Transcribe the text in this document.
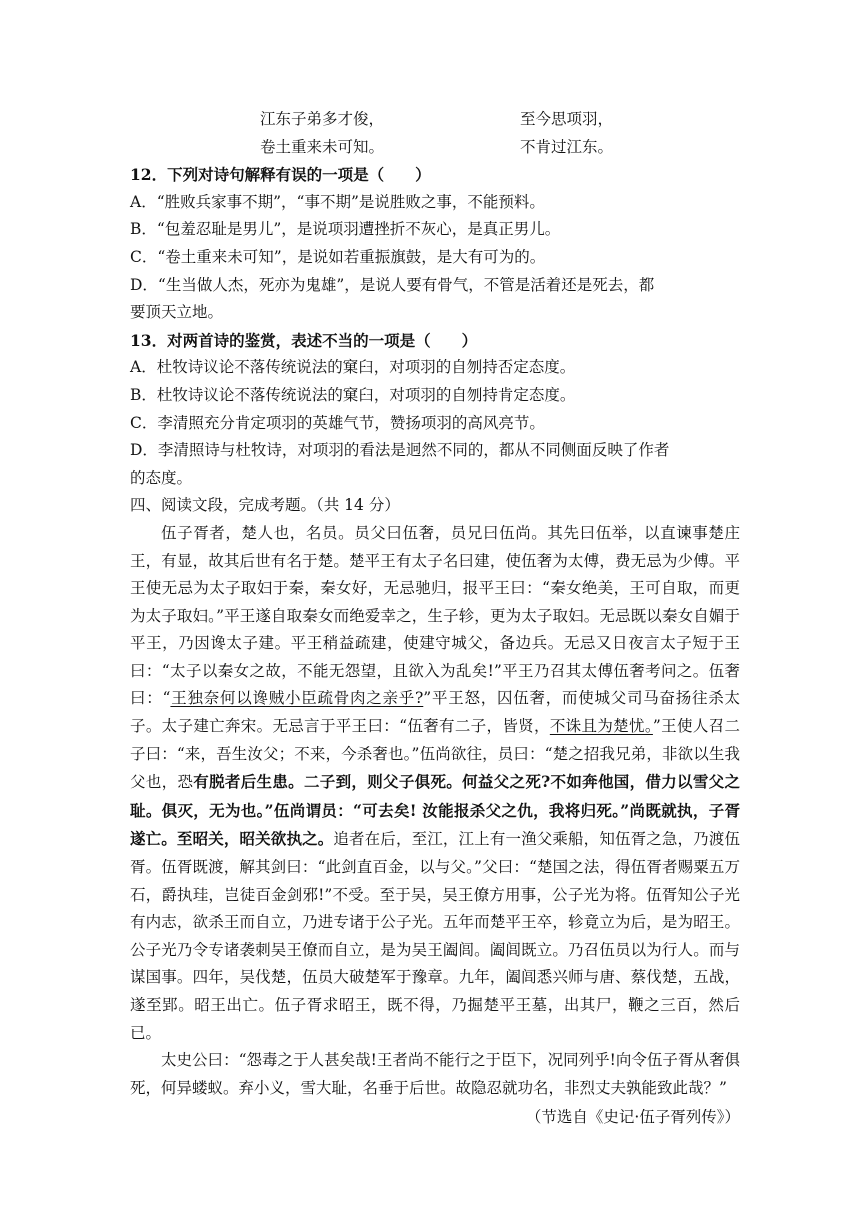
江东子弟多才俊，	至今思项羽，
卷土重来未可知。	不肯过江东。
12．下列对诗句解释有误的一项是（　　）
A．“胜败兵家事不期”，“事不期”是说胜败之事，不能预料。
B．“包羞忍耻是男儿”，是说项羽遭挫折不灰心，是真正男儿。
C．“卷土重来未可知”，是说如若重振旗鼓，是大有可为的。
D．“生当做人杰，死亦为鬼雄”，是说人要有骨气，不管是活着还是死去，都
要顶天立地。
13．对两首诗的鉴赏，表述不当的一项是（　　）
A．杜牧诗议论不落传统说法的窠臼，对项羽的自刎持否定态度。
B．杜牧诗议论不落传统说法的窠臼，对项羽的自刎持肯定态度。
C．李清照充分肯定项羽的英雄气节，赞扬项羽的高风亮节。
D．李清照诗与杜牧诗，对项羽的看法是迥然不同的，都从不同侧面反映了作者
的态度。
四、阅读文段，完成考题。（共 14 分）

伍子胥者，楚人也，名员。员父曰伍奢，员兄曰伍尚。其先曰伍举，以直谏事楚庄王，有显，故其后世有名于楚。楚平王有太子名曰建，使伍奢为太傅，费无忌为少傅。平王使无忌为太子取妇于秦，秦女好，无忌驰归，报平王曰：“秦女绝美，王可自取，而更为太子取妇。”平王遂自取秦女而绝爱幸之，生子轸，更为太子取妇。无忌既以秦女自媚于平王，乃因谗太子建。平王稍益疏建，使建守城父，备边兵。无忌又日夜言太子短于王曰：“太子以秦女之故，不能无怨望，且欲入为乱矣!”平王乃召其太傅伍奢考问之。伍奢曰：“王独奈何以谗贼小臣疏骨肉之亲乎?”平王怒，囚伍奢，而使城父司马奋扬往杀太子。太子建亡奔宋。无忌言于平王曰：“伍奢有二子，皆贤，不诛且为楚忧。”王使人召二子曰：“来，吾生汝父；不来，今杀奢也。”伍尚欲往，员曰：“楚之招我兄弟，非欲以生我父也，恐有脱者后生患。二子到，则父子俱死。何益父之死?不如奔他国，借力以雪父之耻。俱灭，无为也。”伍尚谓员：“可去矣! 汝能报杀父之仇，我将归死。”尚既就执，子胥遂亡。至昭关，昭关欲执之。追者在后，至江，江上有一渔父乘船，知伍胥之急，乃渡伍胥。伍胥既渡，解其剑曰：“此剑直百金，以与父。”父曰：“楚国之法，得伍胥者赐粟五万石，爵执珪，岂徒百金剑邪!”不受。至于吴，吴王僚方用事，公子光为将。伍胥知公子光有内志，欲杀王而自立，乃进专诸于公子光。五年而楚平王卒，轸竟立为后，是为昭王。公子光乃令专诸袭刺吴王僚而自立，是为吴王阖闾。阖闾既立。乃召伍员以为行人。而与谋国事。四年，吴伐楚，伍员大破楚军于豫章。九年，阖闾悉兴师与唐、蔡伐楚，五战，遂至郢。昭王出亡。伍子胥求昭王，既不得，乃掘楚平王墓，出其尸，鞭之三百，然后已。

太史公曰：“怨毒之于人甚矣哉!王者尚不能行之于臣下，况同列乎!向令伍子胥从奢俱死，何异蝼蚁。弃小义，雪大耻，名垂于后世。故隐忍就功名，非烈丈夫孰能致此哉？”

（节选自《史记·伍子胥列传》）
